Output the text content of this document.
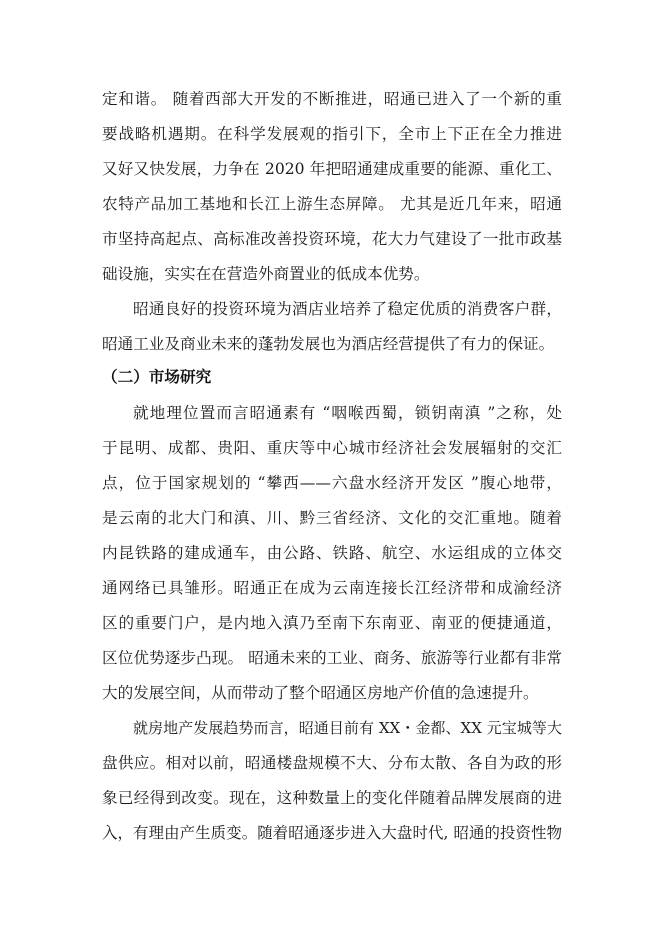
定和谐。 随着西部大开发的不断推进，昭通已进入了一个新的重
要战略机遇期。在科学发展观的指引下，全市上下正在全力推进
又好又快发展，力争在 2020 年把昭通建成重要的能源、重化工、
农特产品加工基地和长江上游生态屏障。 尤其是近几年来，昭通
市坚持高起点、高标准改善投资环境，花大力气建设了一批市政基
础设施，实实在在营造外商置业的低成本优势。
昭通良好的投资环境为酒店业培养了稳定优质的消费客户群，
昭通工业及商业未来的蓬勃发展也为酒店经营提供了有力的保证。
（二）市场研究
就地理位置而言昭通素有 “咽喉西蜀，锁钥南滇 ”之称，处
于昆明、成都、贵阳、重庆等中心城市经济社会发展辐射的交汇
点，位于国家规划的 “攀西——六盘水经济开发区 ”腹心地带，
是云南的北大门和滇、川、黔三省经济、文化的交汇重地。随着
内昆铁路的建成通车，由公路、铁路、航空、水运组成的立体交
通网络已具雏形。昭通正在成为云南连接长江经济带和成渝经济
区的重要门户，是内地入滇乃至南下东南亚、南亚的便捷通道，
区位优势逐步凸现。 昭通未来的工业、商务、旅游等行业都有非常
大的发展空间，从而带动了整个昭通区房地产价值的急速提升。
就房地产发展趋势而言，昭通目前有 XX・金都、XX 元宝城等大
盘供应。相对以前，昭通楼盘规模不大、分布太散、各自为政的形
象已经得到改变。现在，这种数量上的变化伴随着品牌发展商的进
入，有理由产生质变。随着昭通逐步进入大盘时代, 昭通的投资性物
